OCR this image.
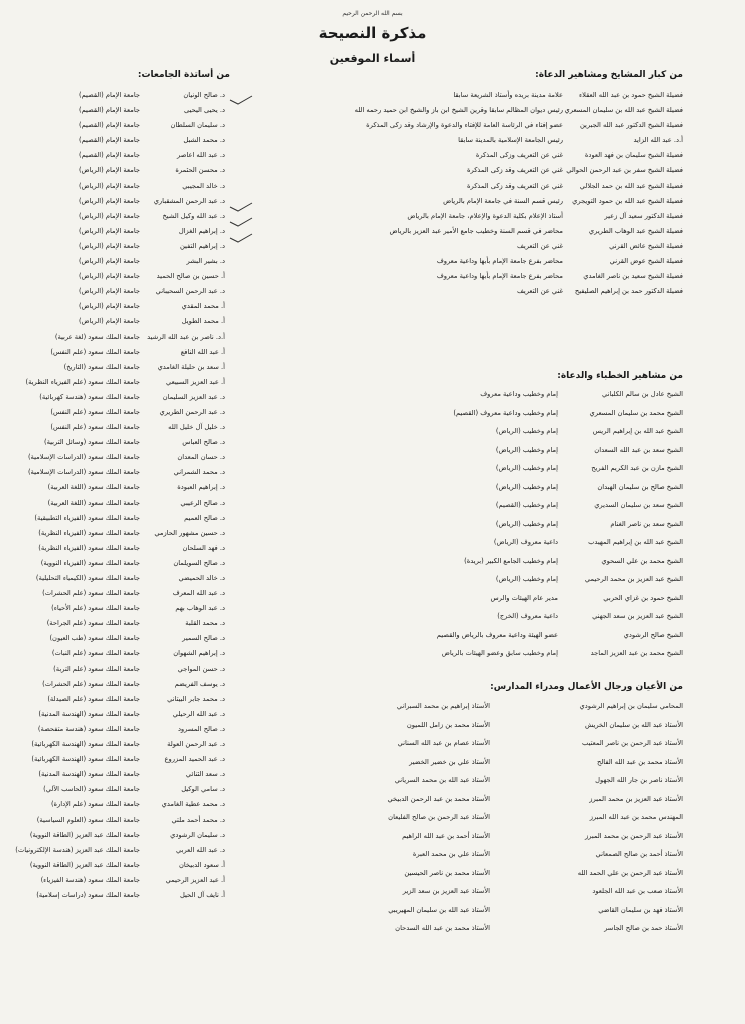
بسم الله الرحمن الرحيم
مذكرة النصيحة
أسماء الموقعين
من كبار المشايخ ومشاهير الدعاة:
فضيلة الشيخ حمود بن عبد الله العقلاء
علامة مدينة بريده وأستاذ الشريعة سابقا
فضيلة الشيخ عبد الله بن سليمان المسعري
رئيس ديوان المظالم سابقا وقرين الشيخ ابن باز والشيخ ابن حميد رحمه الله
فضيلة الشيخ الدكتور عبد الله الجبرين
عضو إفتاء في الرئاسة العامة للإفتاء والدعوة والإرشاد وقد زكى المذكرة
أ.د. عبد الله الزايد
رئيس الجامعة الإسلامية بالمدينة سابقا
فضيلة الشيخ سليمان بن فهد العودة
غني عن التعريف وزكى المذكرة
فضيلة الشيخ سفر بن عبد الرحمن الحوالي
غني عن التعريف وقد زكى المذكرة
فضيلة الشيخ عبد الله بن حمد الجلالي
غني عن التعريف وقد زكى المذكرة
فضيلة الشيخ عبد الله بن حمود التويجري
رئيس قسم السنة في جامعة الإمام بالرياض
فضيلة الدكتور سعيد آل زعير
أستاذ الإعلام بكلية الدعوة والإعلام، جامعة الإمام بالرياض
فضيلة الشيخ عبد الوهاب الطريري
محاضر في قسم السنة وخطيب جامع الأمير عبد العزيز بالرياض
فضيلة الشيخ عائض القرني
غني عن التعريف
فضيلة الشيخ عوض القرني
محاضر بفرع جامعة الإمام بأبها وداعية معروف
فضيلة الشيخ سعيد بن ناصر الغامدي
محاضر بفرع جامعة الإمام بأبها وداعية معروف
فضيلة الدكتور حمد بن إبراهيم الصليفيح
غني عن التعريف
من مشاهير الخطباء والدعاة:
الشيخ عادل بن سالم الكلباني
إمام وخطيب وداعية معروف
الشيخ محمد بن سليمان المسعري
إمام وخطيب وداعية معروف (القصيم)
الشيخ عبد الله بن إبراهيم الريس
إمام وخطيب (الرياض)
الشيخ سعد بن عبد الله السعدان
إمام وخطيب (الرياض)
الشيخ مازن بن عبد الكريم الفريح
إمام وخطيب (الرياض)
الشيخ صالح بن سليمان الهبدان
إمام وخطيب (الرياض)
الشيخ سعد بن سليمان السديري
إمام وخطيب (القصيم)
الشيخ سعد بن ناصر الغنام
إمام وخطيب (الرياض)
الشيخ عبد الله بن إبراهيم المهيدب
داعية معروف (الرياض)
الشيخ محمد بن علي السحوي
إمام وخطيب الجامع الكبير (بريدة)
الشيخ عبد العزيز بن محمد الرحيمي
إمام وخطيب (الرياض)
الشيخ حمود بن غزاي الحربي
مدير عام الهيئات والرس
الشيخ عبد العزيز بن سعد الجهني
داعية معروف (الخرج)
الشيخ صالح الرشودي
عضو الهيئة وداعية معروف بالرياض والقصيم
الشيخ محمد بن عبد العزيز الماجد
إمام وخطيب سابق وعضو الهيئات بالرياض
من الأعيان ورجال الأعمال ومدراء المدارس:
المحامي سليمان بن إبراهيم الرشودي
الأستاذ عبد الله بن سليمان الخريش
الأستاذ عبد الرحمن بن ناصر المعتيب
الأستاذ محمد بن عبد الله الفالح
الأستاذ ناصر بن جار الله الجهول
الأستاذ عبد العزيز بن محمد المبرز
المهندس محمد بن عبد الله المبرز
الأستاذ عبد الرحمن بن محمد المبرز
الأستاذ أحمد بن صالح الصمعاني
الأستاذ عبد الرحمن بن علي الحمد الله
الأستاذ صعب بن عبد الله الجلعود
الأستاذ فهد بن سليمان القاضي
الأستاذ حمد بن صالح الجاسر
الأستاذ إبراهيم بن محمد السبراني
الأستاذ محمد بن زامل اللميون
الأستاذ عصام بن عبد الله السناني
الأستاذ علي بن خضير الخضير
الأستاذ عبد الله بن محمد السرياني
الأستاذ محمد بن عبد الرحمن الدبيخي
الأستاذ عبد الرحمن بن صالح الفليعان
الأستاذ أحمد بن عبد الله الراهيم
الأستاذ علي بن محمد العبرة
الأستاذ محمد بن ناصر الحيسين
الأستاذ عبد العزيز بن سعد الزير
الأستاذ عبد الله بن سليمان المهيريبي
الأستاذ محمد بن عبد الله السدحان
من أساتذة الجامعات:
د. صالح الونيان
جامعة الإمام (القصيم)
د. يحيى اليحيى
جامعة الإمام (القصيم)
د. سليمان السلطان
جامعة الإمام (القصيم)
د. محمد الشبل
جامعة الإمام (القصيم)
د. عبد الله اعاصر
جامعة الإمام (القصيم)
د. محسن الحثمرة
جامعة الإمام (الرياض)
د. خالد المجيبي
جامعة الإمام (الرياض)
د. عبد الرحمن المشقباري
جامعة الإمام (الرياض)
د. عبد الله وكيل الشيخ
جامعة الإمام (الرياض)
د. إبراهيم الغزال
جامعة الإمام (الرياض)
د. إبراهيم التفين
جامعة الإمام (الرياض)
د. بشير البشر
جامعة الإمام (الرياض)
أ. حسين بن صالح الحميد
جامعة الإمام (الرياض)
د. عبد الرحمن السحيباني
جامعة الإمام (الرياض)
أ. محمد المقدي
جامعة الإمام (الرياض)
أ. محمد الطويل
جامعة الإمام (الرياض)
أ.د. ناصر بن عبد الله الرشيد
جامعة الملك سعود (لغة عربية)
أ. عبد الله النافع
جامعة الملك سعود (علم النفس)
أ. سعد بن حليلة الغامدي
جامعة الملك سعود (التاريخ)
أ. عبد العزيز السبيعي
جامعة الملك سعود (علم الفيزياء النظرية)
د. عبد العزيز السليمان
جامعة الملك سعود (هندسة كهربائية)
د. عبد الرحمن الطريري
جامعة الملك سعود (علم النفس)
د. خليل آل خليل الله
جامعة الملك سعود (علم النفس)
د. صالح العباس
جامعة الملك سعود (وسائل التربية)
د. حسان المعدان
جامعة الملك سعود (الدراسات الإسلامية)
د. محمد الشمراني
جامعة الملك سعود (الدراسات الإسلامية)
د. إبراهيم العبودة
جامعة الملك سعود (اللغة العربية)
د. صالح الرعيبي
جامعة الملك سعود (اللغة العربية)
د. صالح العميم
جامعة الملك سعود (الفيزياء التطبيقية)
د. حسين مشهور الحازمي
جامعة الملك سعود (الفيزياء النظرية)
د. فهد السلحان
جامعة الملك سعود (الفيزياء النظرية)
د. صالح السويلمان
جامعة الملك سعود (الفيزياء النووية)
د. خالد الحميضي
جامعة الملك سعود (الكيمياء التحليلية)
د. عبد الله المعرف
جامعة الملك سعود (علم الحشرات)
د. عبد الوهاب بهم
جامعة الملك سعود (علم الأحياء)
د. محمد القلبة
جامعة الملك سعود (علم الجراحة)
د. صالح السمير
جامعة الملك سعود (طب العيون)
د. إبراهيم الشهوان
جامعة الملك سعود (علم النبات)
د. حسن المواجي
جامعة الملك سعود (علم التربة)
د. يوسف الفريضم
جامعة الملك سعود (علم الحشرات)
د. محمد جابر البيتاني
جامعة الملك سعود (علم الصيدلة)
د. عبد الله الرحيلي
جامعة الملك سعود (الهندسة المدنية)
د. صالح المسرود
جامعة الملك سعود (هندسة متفحصة)
د. عبد الرحمن العولة
جامعة الملك سعود (الهندسة الكهربائية)
د. عبد الحميد المزروع
جامعة الملك سعود (الهندسة الكهربائية)
د. سعد الثنائي
جامعة الملك سعود (الهندسة المدنية)
د. سامي الوكيل
جامعة الملك سعود (الحاسب الآلي)
د. محمد عطية الغامدي
جامعة الملك سعود (علم الإدارة)
د. محمد أحمد ملتي
جامعة الملك سعود (العلوم السياسية)
د. سليمان الرشودي
جامعة الملك عبد العزيز (الطاقة النووية)
د. عبد الله العربي
جامعة الملك عبد العزيز (هندسة الإلكترونيات)
أ. سعود الدبيخان
جامعة الملك عبد العزيز (الطاقة النووية)
أ. عبد العزيز الرحيمي
جامعة الملك سعود (هندسة الفيزياء)
أ. نايف آل الحيل
جامعة الملك سعود (دراسات إسلامية)
